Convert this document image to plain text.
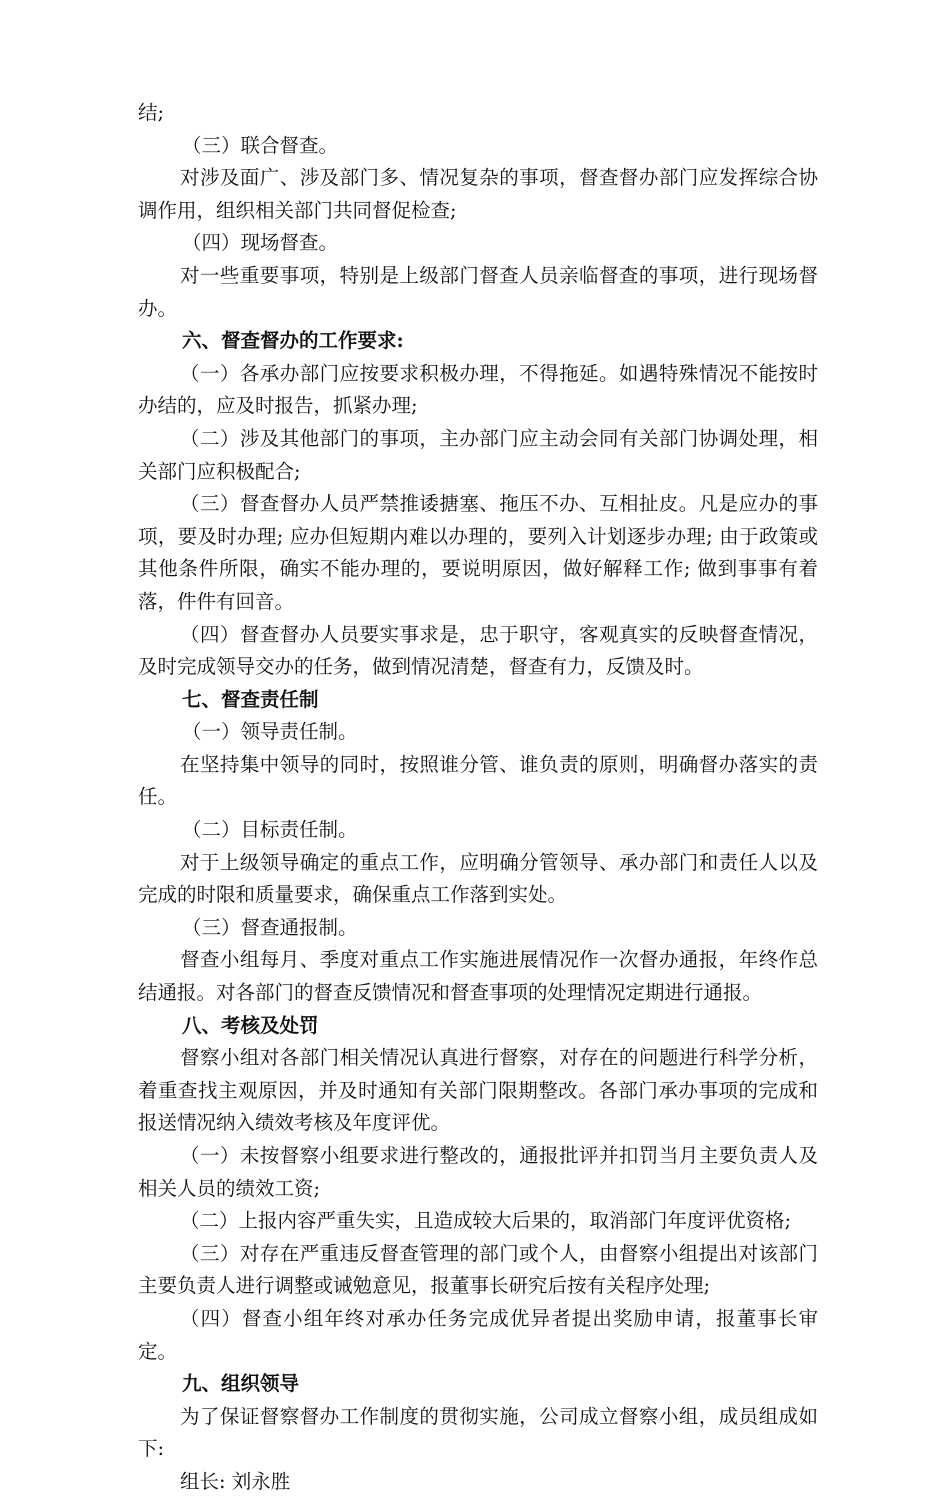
结;

（三）联合督查。

对涉及面广、涉及部门多、情况复杂的事项，督查督办部门应发挥综合协调作用，组织相关部门共同督促检查;

（四）现场督查。

对一些重要事项，特别是上级部门督查人员亲临督查的事项，进行现场督办。

六、督查督办的工作要求:

（一）各承办部门应按要求积极办理，不得拖延。如遇特殊情况不能按时办结的，应及时报告，抓紧办理;

（二）涉及其他部门的事项，主办部门应主动会同有关部门协调处理，相关部门应积极配合;

（三）督查督办人员严禁推诿搪塞、拖压不办、互相扯皮。凡是应办的事项，要及时办理; 应办但短期内难以办理的，要列入计划逐步办理; 由于政策或其他条件所限，确实不能办理的，要说明原因，做好解释工作; 做到事事有着落，件件有回音。

（四）督查督办人员要实事求是，忠于职守，客观真实的反映督查情况，及时完成领导交办的任务，做到情况清楚，督查有力，反馈及时。

七、督查责任制

（一）领导责任制。

在坚持集中领导的同时，按照谁分管、谁负责的原则，明确督办落实的责任。

（二）目标责任制。

对于上级领导确定的重点工作，应明确分管领导、承办部门和责任人以及完成的时限和质量要求，确保重点工作落到实处。

（三）督查通报制。

督查小组每月、季度对重点工作实施进展情况作一次督办通报，年终作总结通报。对各部门的督查反馈情况和督查事项的处理情况定期进行通报。

八、考核及处罚

督察小组对各部门相关情况认真进行督察，对存在的问题进行科学分析，着重查找主观原因，并及时通知有关部门限期整改。各部门承办事项的完成和报送情况纳入绩效考核及年度评优。

（一）未按督察小组要求进行整改的，通报批评并扣罚当月主要负责人及相关人员的绩效工资;

（二）上报内容严重失实，且造成较大后果的，取消部门年度评优资格;

（三）对存在严重违反督查管理的部门或个人，由督察小组提出对该部门主要负责人进行调整或诫勉意见，报董事长研究后按有关程序处理;

（四）督查小组年终对承办任务完成优异者提出奖励申请，报董事长审定。

九、组织领导

为了保证督察督办工作制度的贯彻实施，公司成立督察小组，成员组成如下:

组长: 刘永胜
